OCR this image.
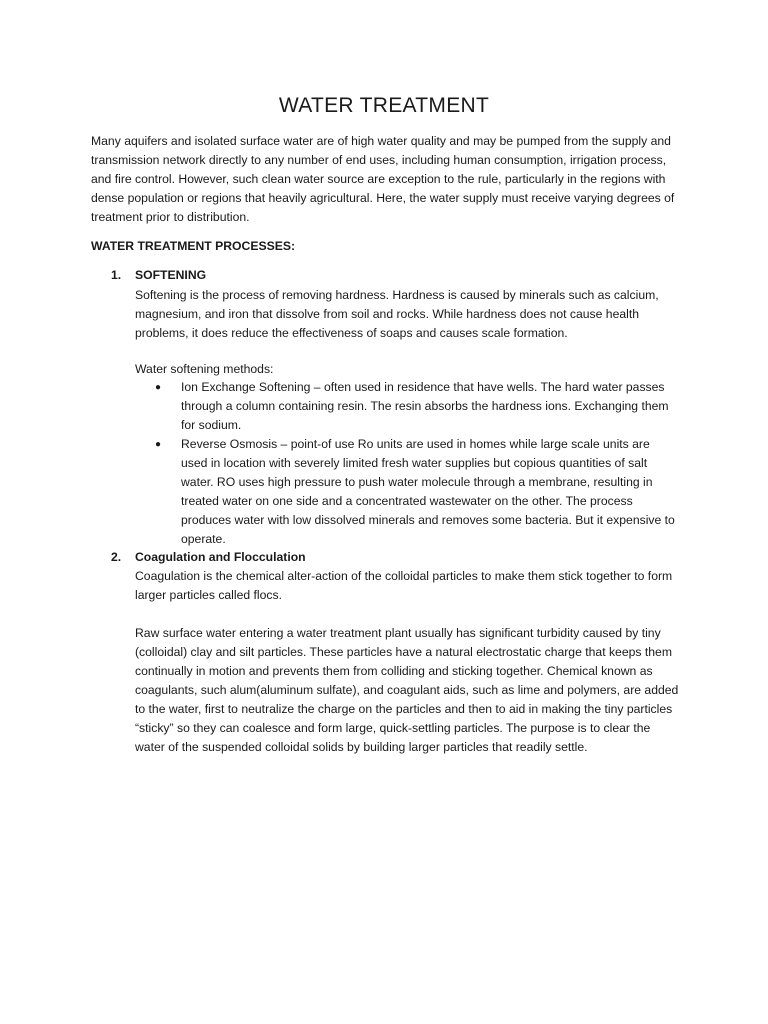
WATER TREATMENT

Many aquifers and isolated surface water are of high water quality and may be pumped from the supply and transmission network directly to any number of end uses, including human consumption, irrigation process, and fire control. However, such clean water source are exception to the rule, particularly in the regions with dense population or regions that heavily agricultural. Here, the water supply must receive varying degrees of treatment prior to distribution.

WATER TREATMENT PROCESSES:

1. SOFTENING

Softening is the process of removing hardness. Hardness is caused by minerals such as calcium, magnesium, and iron that dissolve from soil and rocks. While hardness does not cause health problems, it does reduce the effectiveness of soaps and causes scale formation.

Water softening methods:

● Ion Exchange Softening – often used in residence that have wells. The hard water passes through a column containing resin. The resin absorbs the hardness ions. Exchanging them for sodium.

● Reverse Osmosis – point-of use Ro units are used in homes while large scale units are used in location with severely limited fresh water supplies but copious quantities of salt water. RO uses high pressure to push water molecule through a membrane, resulting in treated water on one side and a concentrated wastewater on the other. The process produces water with low dissolved minerals and removes some bacteria. But it expensive to operate.

2. Coagulation and Flocculation

Coagulation is the chemical alter-action of the colloidal particles to make them stick together to form larger particles called flocs.

Raw surface water entering a water treatment plant usually has significant turbidity caused by tiny (colloidal) clay and silt particles. These particles have a natural electrostatic charge that keeps them continually in motion and prevents them from colliding and sticking together. Chemical known as coagulants, such alum(aluminum sulfate), and coagulant aids, such as lime and polymers, are added to the water, first to neutralize the charge on the particles and then to aid in making the tiny particles “sticky” so they can coalesce and form large, quick-settling particles. The purpose is to clear the water of the suspended colloidal solids by building larger particles that readily settle.
